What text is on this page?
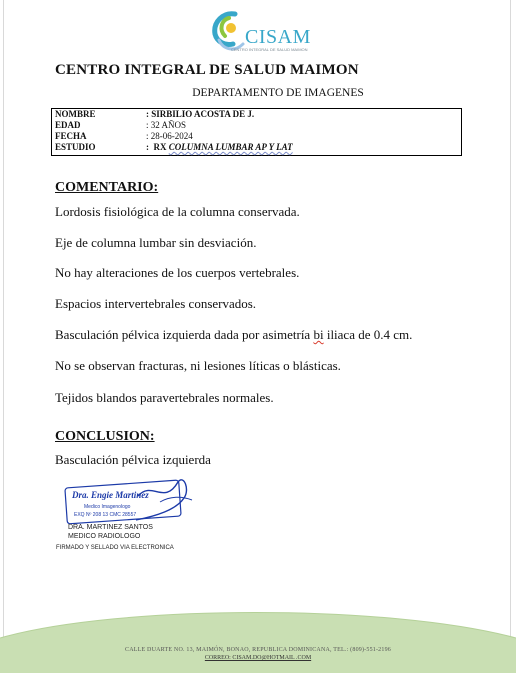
CISAM
CENTRO INTEGRAL DE SALUD MAIMON
CENTRO INTEGRAL DE SALUD MAIMON
DEPARTAMENTO DE IMAGENES
NOMBRE	: SIRBILIO ACOSTA DE J.
EDAD	: 32 AÑOS
FECHA	: 28-06-2024
ESTUDIO	:  RX COLUMNA LUMBAR AP Y LAT
COMENTARIO:
Lordosis fisiológica de la columna conservada.
Eje de columna lumbar sin desviación.
No hay alteraciones de los cuerpos vertebrales.
Espacios intervertebrales conservados.
Basculación pélvica izquierda dada por asimetría bi iliaca de 0.4 cm.
No se observan fracturas, ni lesiones líticas o blásticas.
Tejidos blandos paravertebrales normales.
CONCLUSION:
Basculación pélvica izquierda
Dra. Engie Martinez
Medico Imagenologo
EXQ Nº 208 13 CMC 28557
DRA. MARTINEZ SANTOS
MEDICO RADIOLOGO
FIRMADO Y SELLADO VIA ELECTRONICA
CALLE DUARTE NO. 13, MAIMÓN, BONAO, REPUBLICA DOMINICANA, TEL.: (809)-551-2196
CORREO: CISAM.DO@HOTMAIL .COM
